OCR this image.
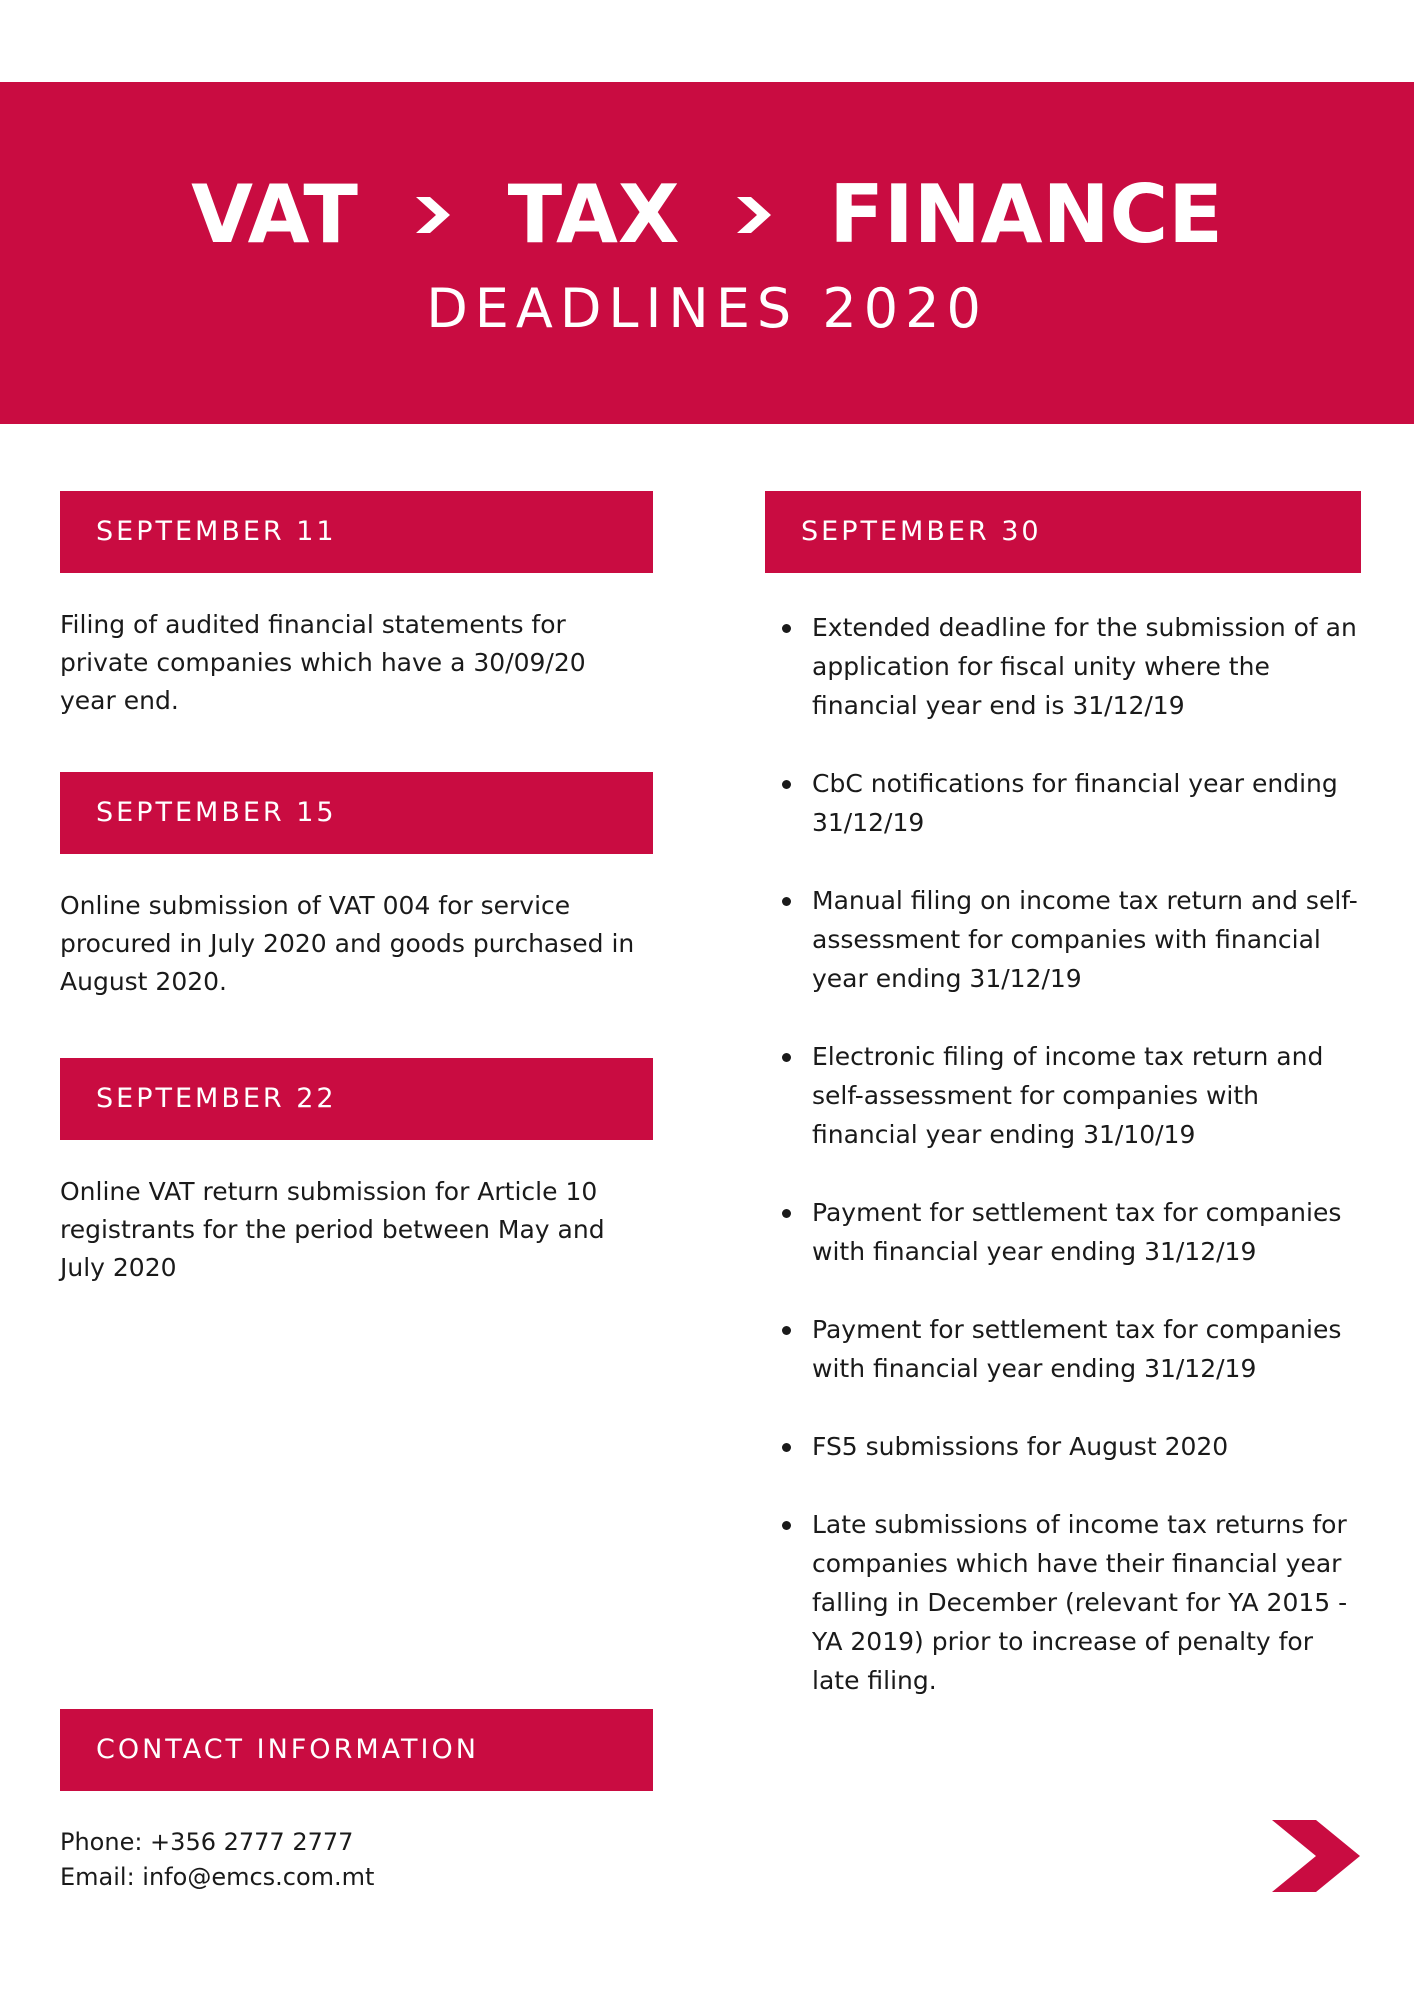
VAT TAX FINANCE
DEADLINES 2020
SEPTEMBER 11
Filing of audited financial statements for private companies which have a 30/09/20 year end.
SEPTEMBER 15
Online submission of VAT 004 for service procured in July 2020 and goods purchased in August 2020.
SEPTEMBER 22
Online VAT return submission for Article 10 registrants for the period between May and July 2020
SEPTEMBER 30
Extended deadline for the submission of an application for fiscal unity where the financial year end is 31/12/19
CbC notifications for financial year ending 31/12/19
Manual filing on income tax return and self-assessment for companies with financial year ending 31/12/19
Electronic filing of income tax return and self-assessment for companies with financial year ending 31/10/19
Payment for settlement tax for companies with financial year ending 31/12/19
Payment for settlement tax for companies with financial year ending 31/12/19
FS5 submissions for August 2020
Late submissions of income tax returns for companies which have their financial year falling in December (relevant for YA 2015 - YA 2019) prior to increase of penalty for late filing.
CONTACT INFORMATION
Phone: +356 2777 2777
Email: info@emcs.com.mt
